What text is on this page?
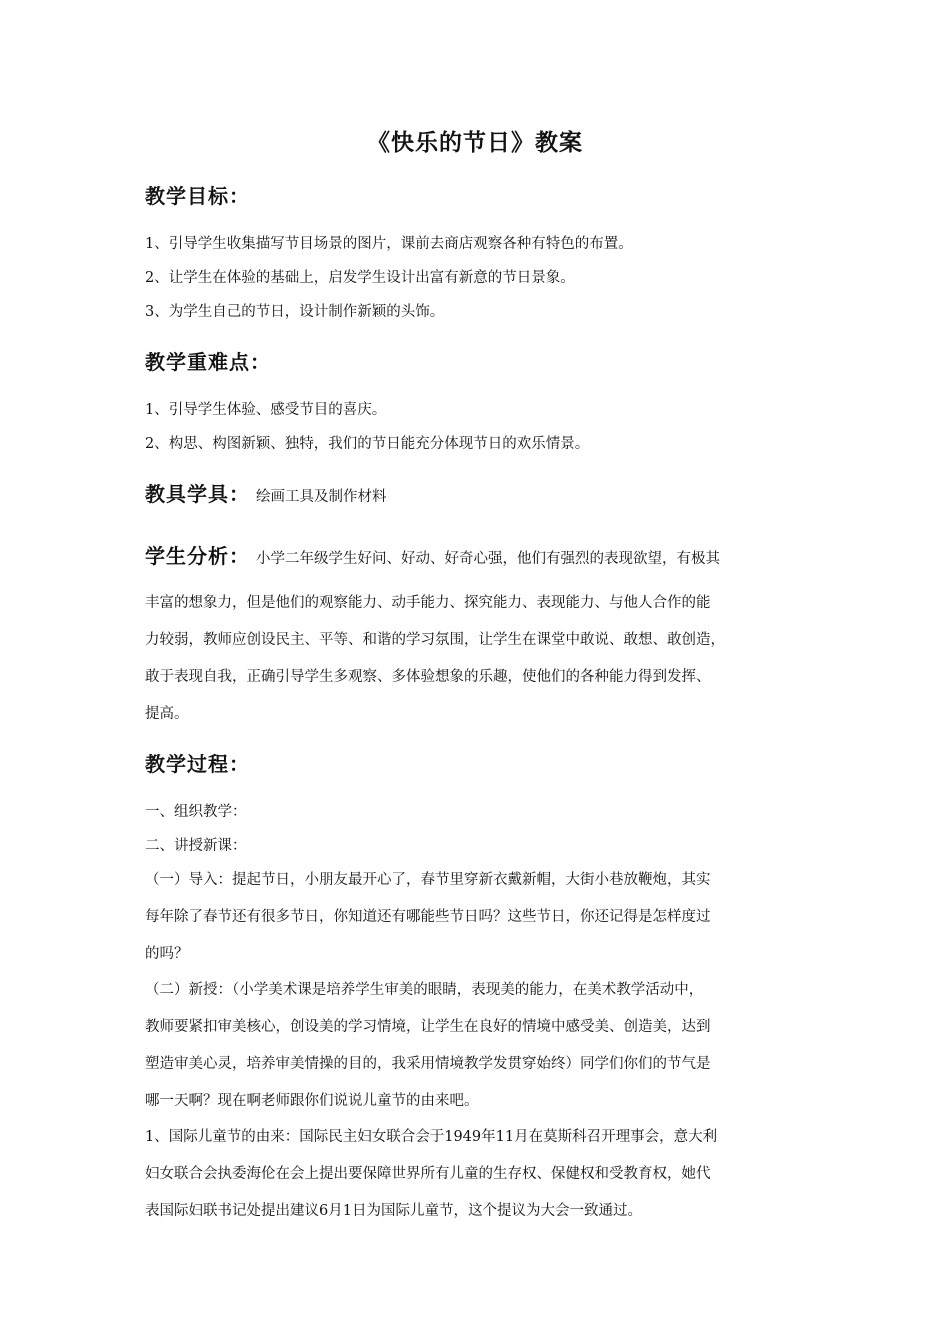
《快乐的节日》教案
教学目标：
1、引导学生收集描写节目场景的图片，课前去商店观察各种有特色的布置。
2、让学生在体验的基础上，启发学生设计出富有新意的节日景象。
3、为学生自己的节日，设计制作新颖的头饰。
教学重难点：
1、引导学生体验、感受节目的喜庆。
2、构思、构图新颖、独特，我们的节日能充分体现节日的欢乐情景。
教具学具： 绘画工具及制作材料
学生分析： 小学二年级学生好问、好动、好奇心强，他们有强烈的表现欲望，有极其
丰富的想象力，但是他们的观察能力、动手能力、探究能力、表现能力、与他人合作的能
力较弱，教师应创设民主、平等、和谐的学习氛围，让学生在课堂中敢说、敢想、敢创造，
敢于表现自我，正确引导学生多观察、多体验想象的乐趣，使他们的各种能力得到发挥、
提高。
教学过程：
一、组织教学：
二、讲授新课：
（一）导入：提起节日，小朋友最开心了，春节里穿新衣戴新帽，大街小巷放鞭炮，其实
每年除了春节还有很多节日，你知道还有哪能些节日吗？这些节日，你还记得是怎样度过
的吗？
（二）新授：（小学美术课是培养学生审美的眼睛，表现美的能力，在美术教学活动中，
教师要紧扣审美核心，创设美的学习情境，让学生在良好的情境中感受美、创造美，达到
塑造审美心灵，培养审美情操的目的，我采用情境教学发贯穿始终）同学们你们的节气是
哪一天啊？现在啊老师跟你们说说儿童节的由来吧。
1、国际儿童节的由来：国际民主妇女联合会于1949年11月在莫斯科召开理事会，意大利
妇女联合会执委海伦在会上提出要保障世界所有儿童的生存权、保健权和受教育权，她代
表国际妇联书记处提出建议6月1日为国际儿童节，这个提议为大会一致通过。
